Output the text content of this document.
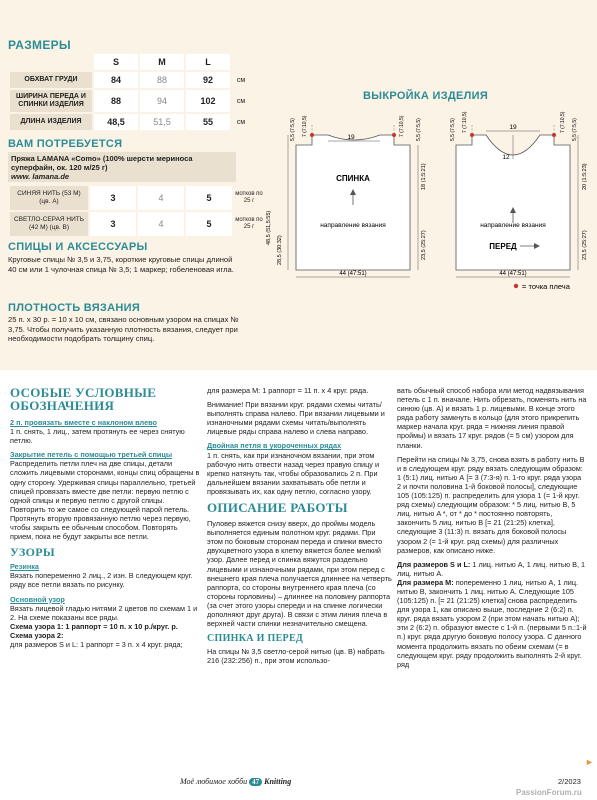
РАЗМЕРЫ
	S	M	L	
ОБХВАТ ГРУДИ	84	88	92	см
ШИРИНА ПЕРЕДА И СПИНКИ ИЗДЕЛИЯ	88	94	102	см
ДЛИНА ИЗДЕЛИЯ	48,5	51,5	55	см
ВАМ ПОТРЕБУЕТСЯ
Пряжа LAMANA «Como» (100% шерсти мериноса суперфайн, ок. 120 м/25 г)
www. lamana.de
СИНЯЯ НИТЬ (53 M) (цв. А)	3	4	5	мотков по 25 г
СВЕТЛО-СЕРАЯ НИТЬ (42 M) (цв. В)	3	4	5	мотков по 25 г
СПИЦЫ И АКСЕССУАРЫ
Круговые спицы № 3,5 и 3,75, короткие круговые спицы длиной 40 см или 1 чулочная спица № 3,5; 1 маркер; гобеленовая игла.
ПЛОТНОСТЬ ВЯЗАНИЯ
25 п. х 30 р. = 10 х 10 см, связано основным узором на спицах № 3,75. Чтобы получить указанную плотность вязания, следует при необходимости подобрать толщину спиц.
ВЫКРОЙКА ИЗДЕЛИЯ
19
СПИНКА
направление вязания
18 (1:5:21)
23,5 (25:27)
7 (7:10,5) 5,5 (7:5,5)
7 (7:10,5)
5,5 (7:5,5)
48,5 (51,5:55)
28,5 (30:32)
44 (47:51)
19
12
направление вязания
ПЕРЕД
20 (1:5:23)
23,5 (25:27)
7 (7:10,5)
5,5 (7:5,5)	7 (7:10,5) 5,5 (7:5,5)
44 (47:51)
= точка плеча
ОСОБЫЕ УСЛОВНЫЕ ОБОЗНАЧЕНИЯ

2 п. провязать вместе с наклоном влево

1 п. снять, 1 лиц., затем протянуть ее через снятую петлю.

Закрытие петель с помощью третьей спицы

Распределить петли плеч на две спицы, детали сложить лицевыми сторонами, концы спиц обращены в одну сторону. Удерживая спицы параллельно, третьей спицей провязать вместе две петли: первую петлю с одной спицы и первую петлю с другой спицы. Повторить то же самое со следующей парой петель. Протянуть вторую провязанную петлю через первую, чтобы закрыть ее обычным способом. Повторять прием, пока не будут закрыты все петли.

УЗОРЫ

Резинка

Вязать попеременно 2 лиц., 2 изн. В следующем круг. ряду все петли вязать по рисунку.

Основной узор

Вязать лицевой гладью нитями 2 цветов по схемам 1 и 2. На схеме показаны все ряды.

Схема узора 1: 1 раппорт = 10 п. х 10 р./круг. р.

Схема узора 2:

для размеров S и L: 1 раппорт = 3 п. х 4 круг. ряда;

для размера М: 1 раппорт = 11 п. х 4 круг. ряда.

Внимание! При вязании круг. рядами схемы читать/выполнять справа налево. При вязании лицевыми и изнаночными рядами схемы читать/выполнять лицевые ряды справа налево и слева направо.

Двойная петля в укороченных рядах

1 п. снять, как при изнаночном вязании, при этом рабочую нить отвести назад через правую спицу и крепко натянуть так, чтобы образовались 2 п. При дальнейшем вязании захватывать обе петли и провязывать их, как одну петлю, согласно узору.

ОПИСАНИЕ РАБОТЫ

Пуловер вяжется снизу вверх, до проймы модель выполняется единым полотном круг. рядами. При этом по боковым сторонам переда и спинки вместо двухцветного узора в клетку вяжется более мелкий узор. Далее перед и спинка вяжутся раздельно лицевыми и изнаночными рядами, при этом перед с внешнего края плеча получается длиннее на четверть раппорта, со стороны внутреннего края плеча (со стороны горловины) – длиннее на половину раппорта (за счет этого узоры спереди и на спинке логически дополняют друг друга). В связи с этим линия плеча в верхней части спинки незначительно смещена.

СПИНКА И ПЕРЕД

На спицы № 3,5 светло-серой нитью (цв. В) набрать 216 (232:256) п., при этом использо-

вать обычный способ набора или метод надвязывания петель с 1 п. вначале. Нить обрезать, поменять нить на синюю (цв. А) и вязать 1 р. лицевыми. В конце этого ряда работу замкнуть в кольцо (для этого прикрепить маркер начала круг. ряда = нижняя линия правой проймы) и вязать 17 круг. рядов (= 5 см) узором для планки.

Перейти на спицы № 3,75, снова взять в работу нить В и в следующем круг. ряду вязать следующим образом: 1 (5:1) лиц. нитью А [= 3 (7:3-я) п. 1-го круг. ряда узора 2 и почти половина 1-й боковой полосы], следующие 105 (105:125) п. распределить для узора 1 (= 1-й круг. ряд схемы) следующим образом: * 5 лиц. нитью В, 5 лиц. нитью A *, от * до * постоянно повторять, закончить 5 лиц. нитью В [= 21 (21:25) клетка], следующие 3 (11:3) п. вязать для боковой полосы узором 2 (= 1-й круг. ряд схемы) для различных размеров, как описано ниже.

Для размеров S и L: 1 лиц. нитью А, 1 лиц. нитью В, 1 лиц. нитью А.

Для размера М: попеременно 1 лиц. нитью А, 1 лиц. нитью В, закончить 1 лиц. нитью А. Следующие 105 (105:125) п. [= 21 (21:25) клетка] снова распределить для узора 1, как описано выше, последние 2 (6:2) п. круг. ряда вязать узором 2 (при этом начать нитью А); эти 2 (6:2) п. образуют вместе с 1-й п. (первыми 5 п.:1-й п.) круг. ряда другую боковую полосу узора. С данного момента продолжить вязать по обеим схемам (= в следующем круг. ряду продолжить выполнять 2-й круг. ряд

►
Моё любимое хобби 47 Knitting	2/2023
PassionForum.ru
